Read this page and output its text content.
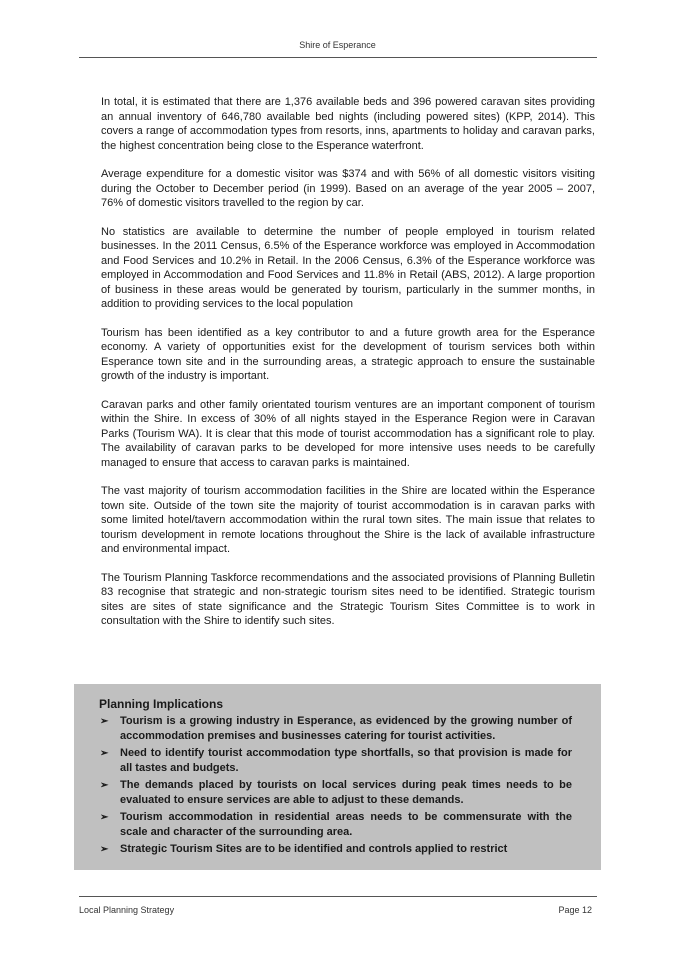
Shire of Esperance

In total, it is estimated that there are 1,376 available beds and 396 powered caravan sites providing an annual inventory of 646,780 available bed nights (including powered sites) (KPP, 2014). This covers a range of accommodation types from resorts, inns, apartments to holiday and caravan parks, the highest concentration being close to the Esperance waterfront.

Average expenditure for a domestic visitor was $374 and with 56% of all domestic visitors visiting during the October to December period (in 1999). Based on an average of the year 2005 – 2007, 76% of domestic visitors travelled to the region by car.

No statistics are available to determine the number of people employed in tourism related businesses. In the 2011 Census, 6.5% of the Esperance workforce was employed in Accommodation and Food Services and 10.2% in Retail. In the 2006 Census, 6.3% of the Esperance workforce was employed in Accommodation and Food Services and 11.8% in Retail (ABS, 2012). A large proportion of business in these areas would be generated by tourism, particularly in the summer months, in addition to providing services to the local population

Tourism has been identified as a key contributor to and a future growth area for the Esperance economy. A variety of opportunities exist for the development of tourism services both within Esperance town site and in the surrounding areas, a strategic approach to ensure the sustainable growth of the industry is important.

Caravan parks and other family orientated tourism ventures are an important component of tourism within the Shire. In excess of 30% of all nights stayed in the Esperance Region were in Caravan Parks (Tourism WA). It is clear that this mode of tourist accommodation has a significant role to play. The availability of caravan parks to be developed for more intensive uses needs to be carefully managed to ensure that access to caravan parks is maintained.

The vast majority of tourism accommodation facilities in the Shire are located within the Esperance town site. Outside of the town site the majority of tourist accommodation is in caravan parks with some limited hotel/tavern accommodation within the rural town sites. The main issue that relates to tourism development in remote locations throughout the Shire is the lack of available infrastructure and environmental impact.

The Tourism Planning Taskforce recommendations and the associated provisions of Planning Bulletin 83 recognise that strategic and non-strategic tourism sites need to be identified. Strategic tourism sites are sites of state significance and the Strategic Tourism Sites Committee is to work in consultation with the Shire to identify such sites.

Planning Implications
➢ Tourism is a growing industry in Esperance, as evidenced by the growing number of accommodation premises and businesses catering for tourist activities.
➢ Need to identify tourist accommodation type shortfalls, so that provision is made for all tastes and budgets.
➢ The demands placed by tourists on local services during peak times needs to be evaluated to ensure services are able to adjust to these demands.
➢ Tourism accommodation in residential areas needs to be commensurate with the scale and character of the surrounding area.
➢ Strategic Tourism Sites are to be identified and controls applied to restrict
Local Planning Strategy	Page 12
